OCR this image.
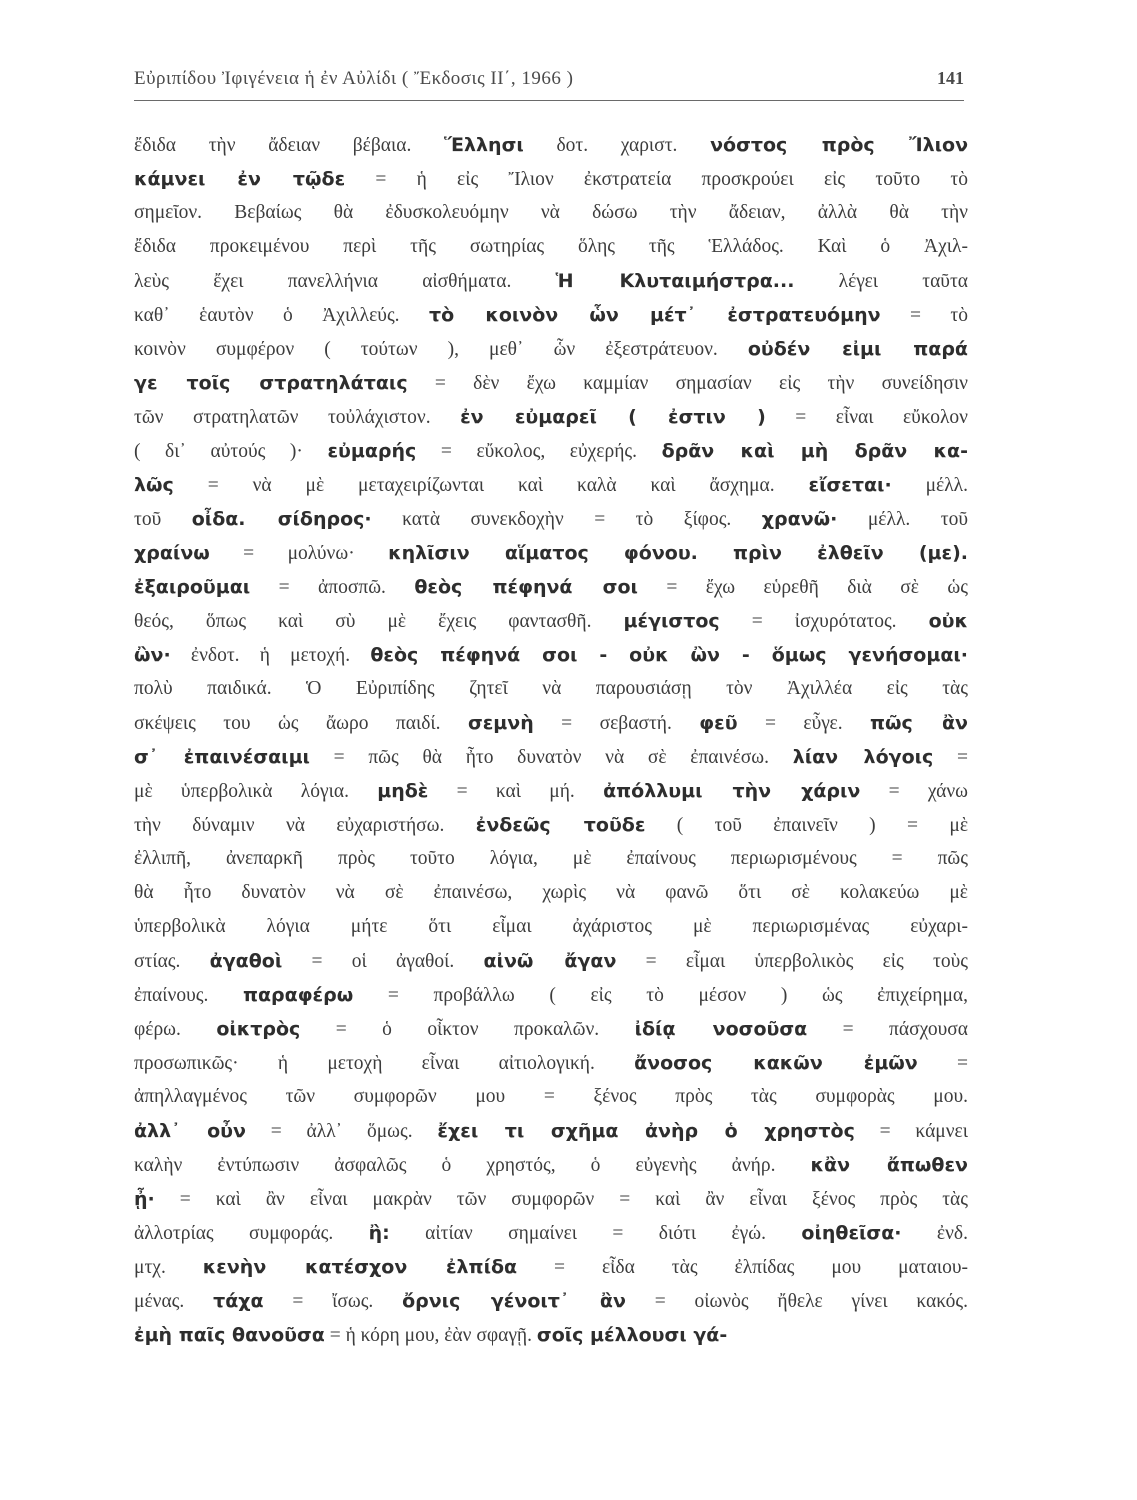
Εὐριπίδου Ἰφιγένεια ἡ ἐν Αὐλίδι ( Ἔκδοσις ΙΙ΄, 1966 )	141
ἔδιδα τὴν ἄδειαν βέβαια. Ἕλλησι δοτ. χαριστ. νόστος πρὸς Ἴλιον
κάμνει ἐν τῷδε = ἡ εἰς Ἴλιον ἐκστρατεία προσκρούει εἰς τοῦτο τὸ
σημεῖον. Βεβαίως θὰ ἐδυσκολευόμην νὰ δώσω τὴν ἄδειαν, ἀλλὰ θὰ τὴν
ἔδιδα προκειμένου περὶ τῆς σωτηρίας ὅλης τῆς Ἑλλάδος. Καὶ ὁ Ἀχιλ-
λεὺς ἔχει πανελλήνια αἰσθήματα. Ἡ Κλυταιμήστρα... λέγει ταῦτα
καθ᾽ ἑαυτὸν ὁ Ἀχιλλεύς. τὸ κοινὸν ὧν μέτ᾽ ἐστρατευόμην = τὸ
κοινὸν συμφέρον ( τούτων ), μεθ᾽ ὧν ἐξεστράτευον. οὐδέν εἰμι παρά
γε τοῖς στρατηλάταις = δὲν ἔχω καμμίαν σημασίαν εἰς τὴν συνείδησιν
τῶν στρατηλατῶν τοὐλάχιστον. ἐν εὐμαρεῖ ( ἐστιν ) = εἶναι εὔκολον
( δι᾽ αὐτούς )· εὐμαρής = εὔκολος, εὐχερής. δρᾶν καὶ μὴ δρᾶν κα-
λῶς = νὰ μὲ μεταχειρίζωνται καὶ καλὰ καὶ ἄσχημα. εἴσεται· μέλλ.
τοῦ οἶδα. σίδηρος· κατὰ συνεκδοχὴν = τὸ ξίφος. χρανῶ· μέλλ. τοῦ
χραίνω = μολύνω· κηλῖσιν αἵματος φόνου. πρὶν ἐλθεῖν (με).
ἐξαιροῦμαι = ἀποσπῶ. θεὸς πέφηνά σοι = ἔχω εὑρεθῆ διὰ σὲ ὡς
θεός, ὅπως καὶ σὺ μὲ ἔχεις φαντασθῆ. μέγιστος = ἰσχυρότατος. οὐκ
ὢν· ἐνδοτ. ἡ μετοχή. θεὸς πέφηνά σοι - οὐκ ὢν - ὅμως γενήσομαι·
πολὺ παιδικά. Ὁ Εὐριπίδης ζητεῖ νὰ παρουσιάσῃ τὸν Ἀχιλλέα εἰς τὰς
σκέψεις του ὡς ἄωρο παιδί. σεμνὴ = σεβαστή. φεῦ = εὖγε. πῶς ἂν
σ᾽ ἐπαινέσαιμι = πῶς θὰ ἦτο δυνατὸν νὰ σὲ ἐπαινέσω. λίαν λόγοις =
μὲ ὑπερβολικὰ λόγια. μηδὲ = καὶ μή. ἀπόλλυμι τὴν χάριν = χάνω
τὴν δύναμιν νὰ εὐχαριστήσω. ἐνδεῶς τοῦδε ( τοῦ ἐπαινεῖν ) = μὲ
ἐλλιπῆ, ἀνεπαρκῆ πρὸς τοῦτο λόγια, μὲ ἐπαίνους περιωρισμένους = πῶς
θὰ ἦτο δυνατὸν νὰ σὲ ἐπαινέσω, χωρὶς νὰ φανῶ ὅτι σὲ κολακεύω μὲ
ὑπερβολικὰ λόγια μήτε ὅτι εἶμαι ἀχάριστος μὲ περιωρισμένας εὐχαρι-
στίας. ἀγαθοὶ = οἱ ἀγαθοί. αἰνῶ ἄγαν = εἶμαι ὑπερβολικὸς εἰς τοὺς
ἐπαίνους. παραφέρω = προβάλλω ( εἰς τὸ μέσον ) ὡς ἐπιχείρημα,
φέρω. οἰκτρὸς = ὁ οἶκτον προκαλῶν. ἰδίᾳ νοσοῦσα = πάσχουσα
προσωπικῶς· ἡ μετοχὴ εἶναι αἰτιολογική. ἄνοσος κακῶν ἐμῶν =
ἀπηλλαγμένος τῶν συμφορῶν μου = ξένος πρὸς τὰς συμφορὰς μου.
ἀλλ᾽ οὖν = ἀλλ᾽ ὅμως. ἔχει τι σχῆμα ἀνὴρ ὁ χρηστὸς = κάμνει
καλὴν ἐντύπωσιν ἀσφαλῶς ὁ χρηστός, ὁ εὐγενὴς ἀνήρ. κἂν ἄπωθεν
ᾖ· = καὶ ἂν εἶναι μακρὰν τῶν συμφορῶν = καὶ ἂν εἶναι ξένος πρὸς τὰς
ἀλλοτρίας συμφοράς. ἢ: αἰτίαν σημαίνει = διότι ἐγώ. οἰηθεῖσα· ἐνδ.
μτχ. κενὴν κατέσχον ἐλπίδα = εἶδα τὰς ἐλπίδας μου ματαιου-
μένας. τάχα = ἴσως. ὄρνις γένοιτ᾽ ἂν = οἰωνὸς ἤθελε γίνει κακός.
ἐμὴ παῖς θανοῦσα = ἡ κόρη μου, ἐὰν σφαγῇ. σοῖς μέλλουσι γά-
